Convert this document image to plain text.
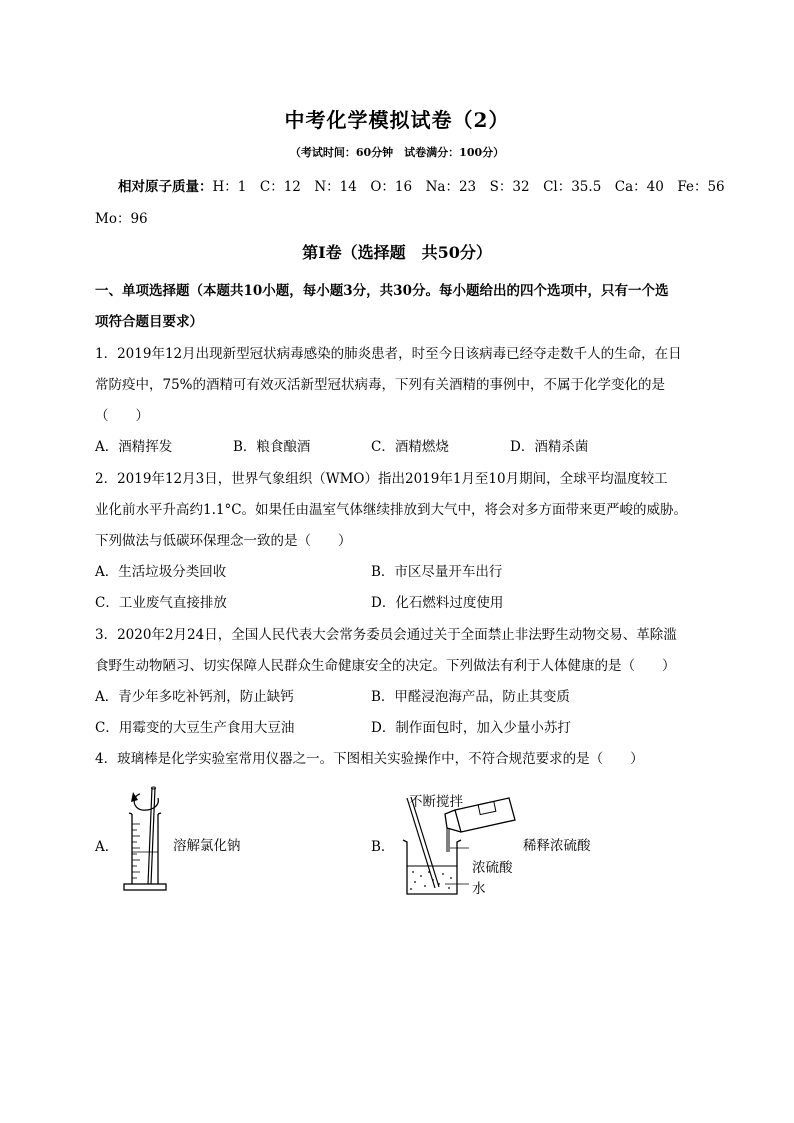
中考化学模拟试卷（2）
（考试时间：60分钟　试卷满分：100分）
相对原子质量：H：1　C：12　N：14　O：16　Na：23　S：32　Cl：35.5　Ca：40　Fe：56
Mo：96
第Ⅰ卷（选择题　共50分）
一、单项选择题（本题共10小题，每小题3分，共30分。每小题给出的四个选项中，只有一个选
项符合题目要求）
1．2019年12月出现新型冠状病毒感染的肺炎患者，时至今日该病毒已经夺走数千人的生命，在日
常防疫中，75%的酒精可有效灭活新型冠状病毒，下列有关酒精的事例中，不属于化学变化的是
（　　）
A．酒精挥发	B．粮食酿酒	C．酒精燃烧	D．酒精杀菌
2．2019年12月3日，世界气象组织（WMO）指出2019年1月至10月期间，全球平均温度较工
业化前水平升高约1.1°C。如果任由温室气体继续排放到大气中，将会对多方面带来更严峻的威胁。
下列做法与低碳环保理念一致的是（　　）
A．生活垃圾分类回收	B．市区尽量开车出行
C．工业废气直接排放	D．化石燃料过度使用
3．2020年2月24日，全国人民代表大会常务委员会通过关于全面禁止非法野生动物交易、革除滥
食野生动物陋习、切实保障人民群众生命健康安全的决定。下列做法有利于人体健康的是（　　）
A．青少年多吃补钙剂，防止缺钙	B．甲醛浸泡海产品，防止其变质
C．用霉变的大豆生产食用大豆油	D．制作面包时，加入少量小苏打
4．玻璃棒是化学实验室常用仪器之一。下图相关实验操作中，不符合规范要求的是（　　）
A．	B．
溶解氯化钠
不断搅拌
稀释浓硫酸
浓硫酸
水
